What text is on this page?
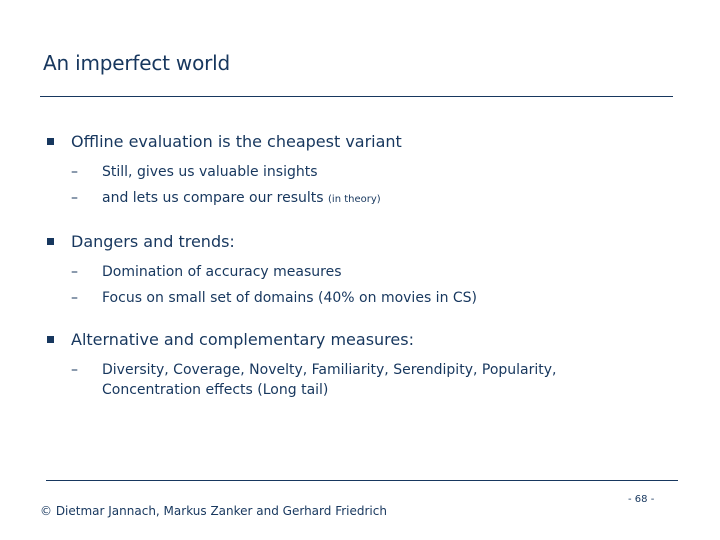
An imperfect world
Offline evaluation is the cheapest variant
– Still, gives us valuable insights
– and lets us compare our results (in theory)
Dangers and trends:
– Domination of accuracy measures
– Focus on small set of domains (40% on movies in CS)
Alternative and complementary measures:
– Diversity, Coverage, Novelty, Familiarity, Serendipity, Popularity, Concentration effects (Long tail)
© Dietmar Jannach, Markus Zanker and Gerhard Friedrich
- 68 -
